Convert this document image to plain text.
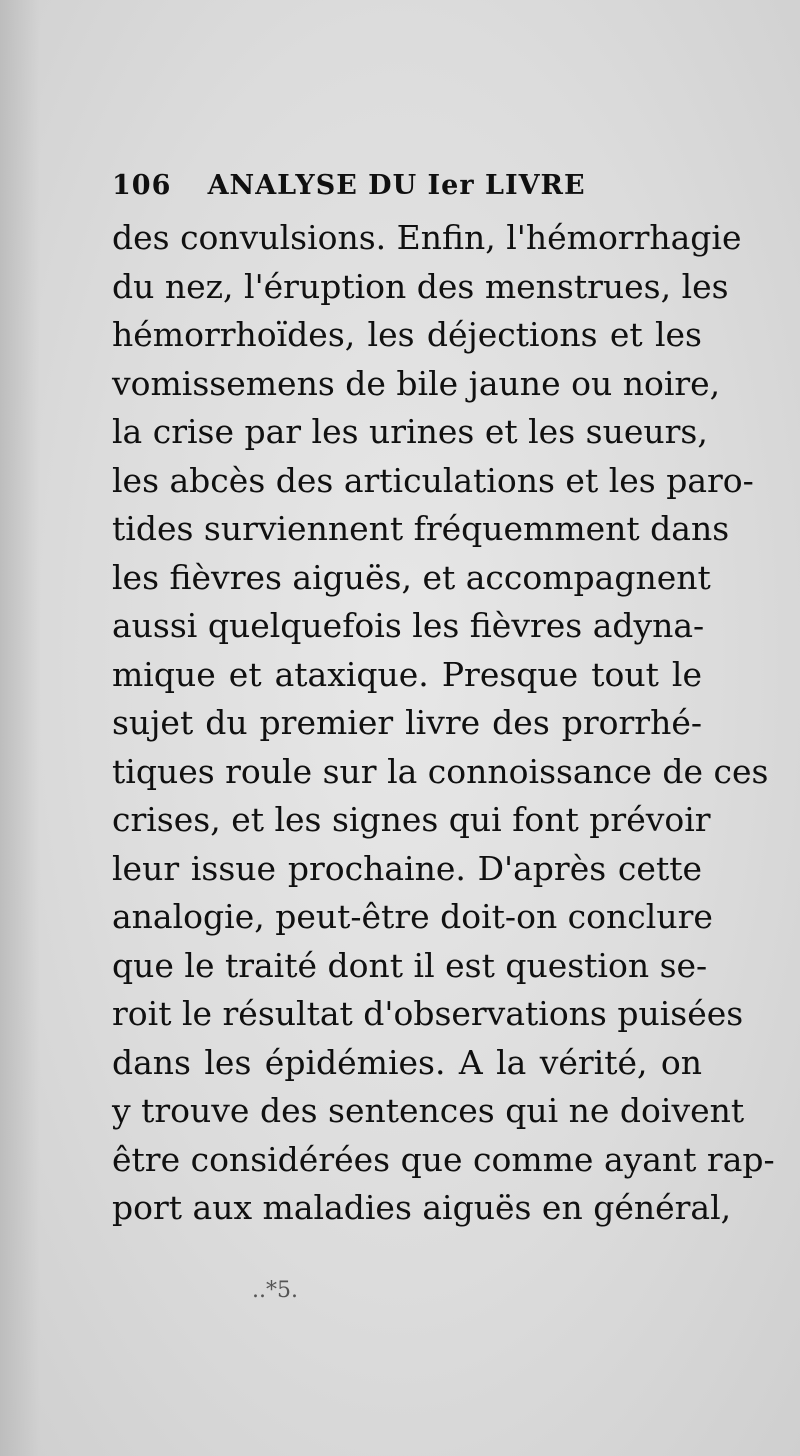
106 ANALYSE DU Ier LIVRE
des convulsions. Enfin, l'hémorrhagie
du nez, l'éruption des menstrues, les
hémorrhoïdes, les déjections et les
vomissemens de bile jaune ou noire,
la crise par les urines et les sueurs,
les abcès des articulations et les paro-
tides surviennent fréquemment dans
les fièvres aiguës, et accompagnent
aussi quelquefois les fièvres adyna-
mique et ataxique. Presque tout le
sujet du premier livre des prorrhé-
tiques roule sur la connoissance de ces
crises, et les signes qui font prévoir
leur issue prochaine. D'après cette
analogie, peut-être doit-on conclure
que le traité dont il est question se-
roit le résultat d'observations puisées
dans les épidémies. A la vérité, on
y trouve des sentences qui ne doivent
être considérées que comme ayant rap-
port aux maladies aiguës en général,
..*5.
